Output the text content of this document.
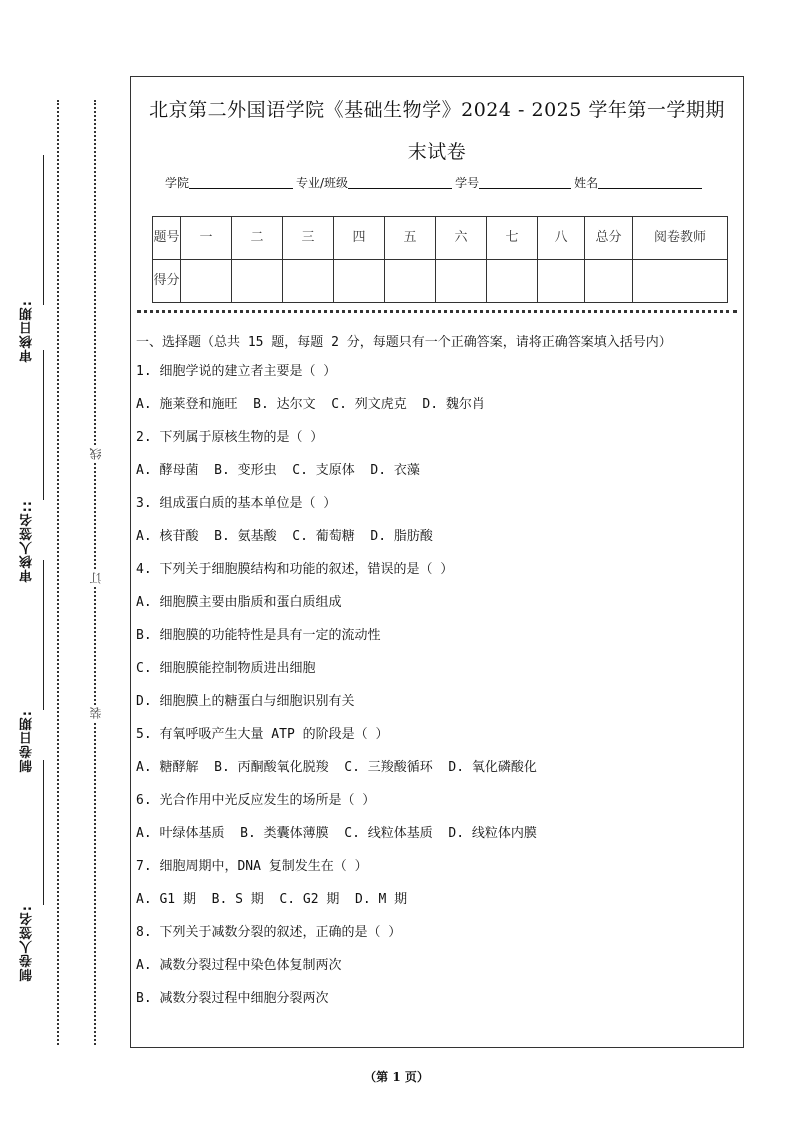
审核日期:
审核人签名::
制卷日期:
制卷人签名:
线
订
装
北京第二外国语学院《基础生物学》2024 - 2025 学年第一学期期
末试卷
学院	专业/班级	学号	姓名
题号	一	二	三	四	五	六	七	八	总分	阅卷教师
得分										
一、选择题（总共 15 题，每题 2 分，每题只有一个正确答案，请将正确答案填入括号内）
1. 细胞学说的建立者主要是（ ）
A. 施莱登和施旺  B. 达尔文  C. 列文虎克  D. 魏尔肖
2. 下列属于原核生物的是（ ）
A. 酵母菌  B. 变形虫  C. 支原体  D. 衣藻
3. 组成蛋白质的基本单位是（ ）
A. 核苷酸  B. 氨基酸  C. 葡萄糖  D. 脂肪酸
4. 下列关于细胞膜结构和功能的叙述，错误的是（ ）
A. 细胞膜主要由脂质和蛋白质组成
B. 细胞膜的功能特性是具有一定的流动性
C. 细胞膜能控制物质进出细胞
D. 细胞膜上的糖蛋白与细胞识别有关
5. 有氧呼吸产生大量 ATP 的阶段是（ ）
A. 糖酵解  B. 丙酮酸氧化脱羧  C. 三羧酸循环  D. 氧化磷酸化
6. 光合作用中光反应发生的场所是（ ）
A. 叶绿体基质  B. 类囊体薄膜  C. 线粒体基质  D. 线粒体内膜
7. 细胞周期中，DNA 复制发生在（ ）
A. G1 期  B. S 期  C. G2 期  D. M 期
8. 下列关于减数分裂的叙述，正确的是（ ）
A. 减数分裂过程中染色体复制两次
B. 减数分裂过程中细胞分裂两次
（第 1 页）
